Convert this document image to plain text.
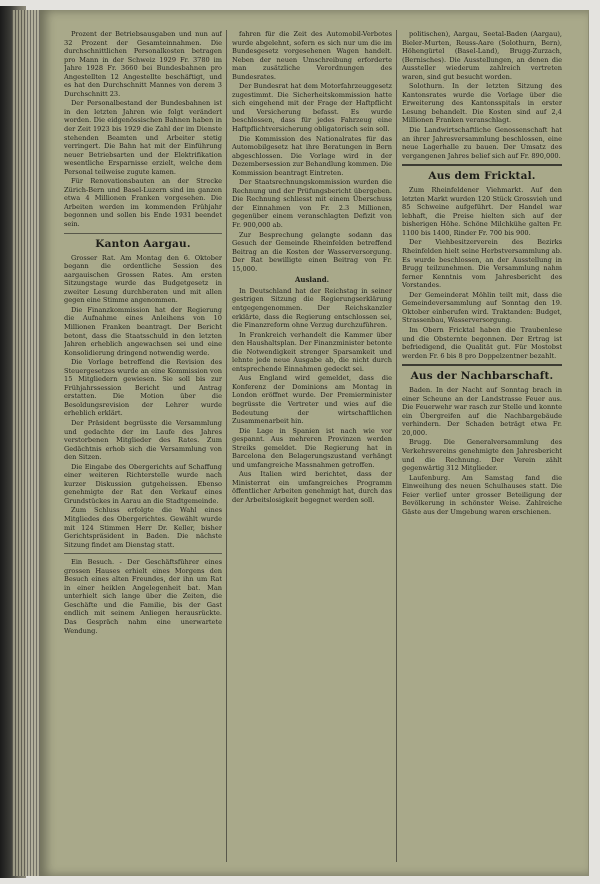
Prozent der Betriebsausgaben und nun auf 32 Prozent der Gesamteinnahmen. Die durchschnittlichen Personalkosten betragen pro Mann in der Schweiz 1929 Fr. 3780 im Jahre 1928 Fr. 3660 bei Bundesbahnen pro Angestellten 12 Angestellte beschäftigt, und es hat den Durchschnitt Mannes von derem 3 Durchschnitt 23.

Der Personalbestand der Bundesbahnen ist in den letzten Jahren wie folgt verändert worden. Die eidgenössischen Bahnen haben in der Zeit 1923 bis 1929 die Zahl der im Dienste stehenden Beamten und Arbeiter stetig verringert. Die Bahn hat mit der Einführung neuer Betriebsarten und der Elektrifikation wesentliche Ersparnisse erzielt, welche dem Personal teilweise zugute kamen.

Für Renovationsbauten an der Strecke Zürich-Bern und Basel-Luzern sind im ganzen etwa 4 Millionen Franken vorgesehen. Die Arbeiten werden im kommenden Frühjahr begonnen und sollen bis Ende 1931 beendet sein.

Kanton Aargau.

Grosser Rat. Am Montag den 6. Oktober begann die ordentliche Session des aargauischen Grossen Rates. Am ersten Sitzungstage wurde das Budgetgesetz in zweiter Lesung durchberaten und mit allen gegen eine Stimme angenommen.

Die Finanzkommission hat der Regierung die Aufnahme eines Anleihens von 10 Millionen Franken beantragt. Der Bericht betont, dass die Staatsschuld in den letzten Jahren erheblich angewachsen sei und eine Konsolidierung dringend notwendig werde.

Die Vorlage betreffend die Revision des Steuergesetzes wurde an eine Kommission von 15 Mitgliedern gewiesen. Sie soll bis zur Frühjahrssession Bericht und Antrag erstatten. Die Motion über die Besoldungsrevision der Lehrer wurde erheblich erklärt.

Der Präsident begrüsste die Versammlung und gedachte der im Laufe des Jahres verstorbenen Mitglieder des Rates. Zum Gedächtnis erhob sich die Versammlung von den Sitzen.

Die Eingabe des Obergerichts auf Schaffung einer weiteren Richterstelle wurde nach kurzer Diskussion gutgeheissen. Ebenso genehmigte der Rat den Verkauf eines Grundstückes in Aarau an die Stadtgemeinde.

Zum Schluss erfolgte die Wahl eines Mitgliedes des Obergerichtes. Gewählt wurde mit 124 Stimmen Herr Dr. Keller, bisher Gerichtspräsident in Baden. Die nächste Sitzung findet am Dienstag statt.

Ein Besuch. - Der Geschäftsführer eines grossen Hauses erhielt eines Morgens den Besuch eines alten Freundes, der ihn um Rat in einer heiklen Angelegenheit bat. Man unterhielt sich lange über die Zeiten, die Geschäfte und die Familie, bis der Gast endlich mit seinem Anliegen herausrückte. Das Gespräch nahm eine unerwartete Wendung.

fahren für die Zeit des Automobil-Verbotes wurde abgelehnt, sofern es sich nur um die im Bundesgesetz vorgesehenen Wagen handelt. Neben der neuen Umschreibung erforderte man zusätzliche Verordnungen des Bundesrates.

Der Bundesrat hat dem Motorfahrzeuggesetz zugestimmt. Die Sicherheitskommission hatte sich eingehend mit der Frage der Haftpflicht und Versicherung befasst. Es wurde beschlossen, dass für jedes Fahrzeug eine Haftpflichtversicherung obligatorisch sein soll.

Die Kommission des Nationalrates für das Automobilgesetz hat ihre Beratungen in Bern abgeschlossen. Die Vorlage wird in der Dezembersession zur Behandlung kommen. Die Kommission beantragt Eintreten.

Der Staatsrechnungskommission wurden die Rechnung und der Prüfungsbericht übergeben. Die Rechnung schliesst mit einem Überschuss der Einnahmen von Fr. 2.3 Millionen, gegenüber einem veranschlagten Defizit von Fr. 900,000 ab.

Zur Besprechung gelangte sodann das Gesuch der Gemeinde Rheinfelden betreffend Beitrag an die Kosten der Wasserversorgung. Der Rat bewilligte einen Beitrag von Fr. 15,000.

Ausland.

In Deutschland hat der Reichstag in seiner gestrigen Sitzung die Regierungserklärung entgegengenommen. Der Reichskanzler erklärte, dass die Regierung entschlossen sei, die Finanzreform ohne Verzug durchzuführen.

In Frankreich verhandelt die Kammer über den Haushaltsplan. Der Finanzminister betonte die Notwendigkeit strenger Sparsamkeit und lehnte jede neue Ausgabe ab, die nicht durch entsprechende Einnahmen gedeckt sei.

Aus England wird gemeldet, dass die Konferenz der Dominions am Montag in London eröffnet wurde. Der Premierminister begrüsste die Vertreter und wies auf die Bedeutung der wirtschaftlichen Zusammenarbeit hin.

Die Lage in Spanien ist nach wie vor gespannt. Aus mehreren Provinzen werden Streiks gemeldet. Die Regierung hat in Barcelona den Belagerungszustand verhängt und umfangreiche Massnahmen getroffen.

Aus Italien wird berichtet, dass der Ministerrat ein umfangreiches Programm öffentlicher Arbeiten genehmigt hat, durch das der Arbeitslosigkeit begegnet werden soll.

politischen), Aargau, Seetal-Baden (Aargau), Bieler-Murten, Reuss-Aare (Solothurn, Bern), Höhengürtel (Basel-Land), Brugg-Zurzach, (Bernisches). Die Ausstellungen, an denen die Aussteller wiederum zahlreich vertreten waren, sind gut besucht worden.

Solothurn. In der letzten Sitzung des Kantonsrates wurde die Vorlage über die Erweiterung des Kantonsspitals in erster Lesung behandelt. Die Kosten sind auf 2,4 Millionen Franken veranschlagt.

Die Landwirtschaftliche Genossenschaft hat an ihrer Jahresversammlung beschlossen, eine neue Lagerhalle zu bauen. Der Umsatz des vergangenen Jahres belief sich auf Fr. 890,000.

Aus dem Fricktal.

Zum Rheinfeldener Viehmarkt. Auf den letzten Markt wurden 120 Stück Grossvieh und 85 Schweine aufgeführt. Der Handel war lebhaft, die Preise hielten sich auf der bisherigen Höhe. Schöne Milchkühe galten Fr. 1100 bis 1400, Rinder Fr. 700 bis 900.

Der Viehbesitzerverein des Bezirks Rheinfelden hielt seine Herbstversammlung ab. Es wurde beschlossen, an der Ausstellung in Brugg teilzunehmen. Die Versammlung nahm ferner Kenntnis vom Jahresbericht des Vorstandes.

Der Gemeinderat Möhlin teilt mit, dass die Gemeindeversammlung auf Sonntag den 19. Oktober einberufen wird. Traktanden: Budget, Strassenbau, Wasserversorgung.

Im Obern Fricktal haben die Traubenlese und die Obsternte begonnen. Der Ertrag ist befriedigend, die Qualität gut. Für Mostobst werden Fr. 6 bis 8 pro Doppelzentner bezahlt.

Aus der Nachbarschaft.

Baden. In der Nacht auf Sonntag brach in einer Scheune an der Landstrasse Feuer aus. Die Feuerwehr war rasch zur Stelle und konnte ein Übergreifen auf die Nachbargebäude verhindern. Der Schaden beträgt etwa Fr. 20,000.

Brugg. Die Generalversammlung des Verkehrsvereins genehmigte den Jahresbericht und die Rechnung. Der Verein zählt gegenwärtig 312 Mitglieder.

Laufenburg. Am Samstag fand die Einweihung des neuen Schulhauses statt. Die Feier verlief unter grosser Beteiligung der Bevölkerung in schönster Weise. Zahlreiche Gäste aus der Umgebung waren erschienen.
